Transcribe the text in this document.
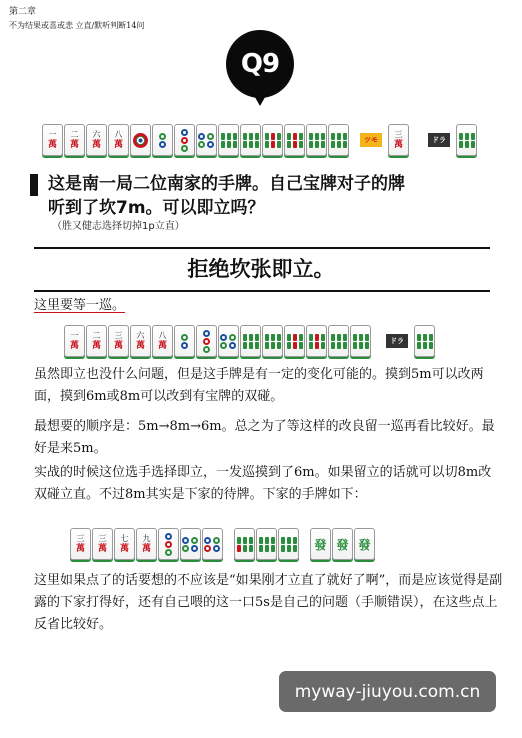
第二章
不为结果或喜或悲 立直/默听判断14问
Q9
一
萬
二
萬
六
萬
八
萬	ツモ
三
萬	ドラ
这是南一局二位南家的手牌。自己宝牌对子的牌
听到了坎7m。可以即立吗？
（胜又健志选择切掉1p立直）
拒绝坎张即立。
这里要等一巡。
一
萬
二
萬
三
萬
六
萬
八
萬	ドラ
虽然即立也没什么问题，但是这手牌是有一定的变化可能的。摸到5m可以改两面，摸到6m或8m可以改到有宝牌的双碰。
最想要的顺序是：5m→8m→6m。总之为了等这样的改良留一巡再看比较好。最好是来5m。
实战的时候这位选手选择即立，一发巡摸到了6m。如果留立的话就可以切8m改双碰立直。不过8m其实是下家的待牌。下家的手牌如下：
三
萬
三
萬
七
萬
九
萬	發 發 發
这里如果点了的话要想的不应该是“如果刚才立直了就好了啊”，而是应该觉得是副露的下家打得好，还有自己喂的这一口5s是自己的问题（手顺错误），在这些点上反省比较好。
myway-jiuyou.com.cn
